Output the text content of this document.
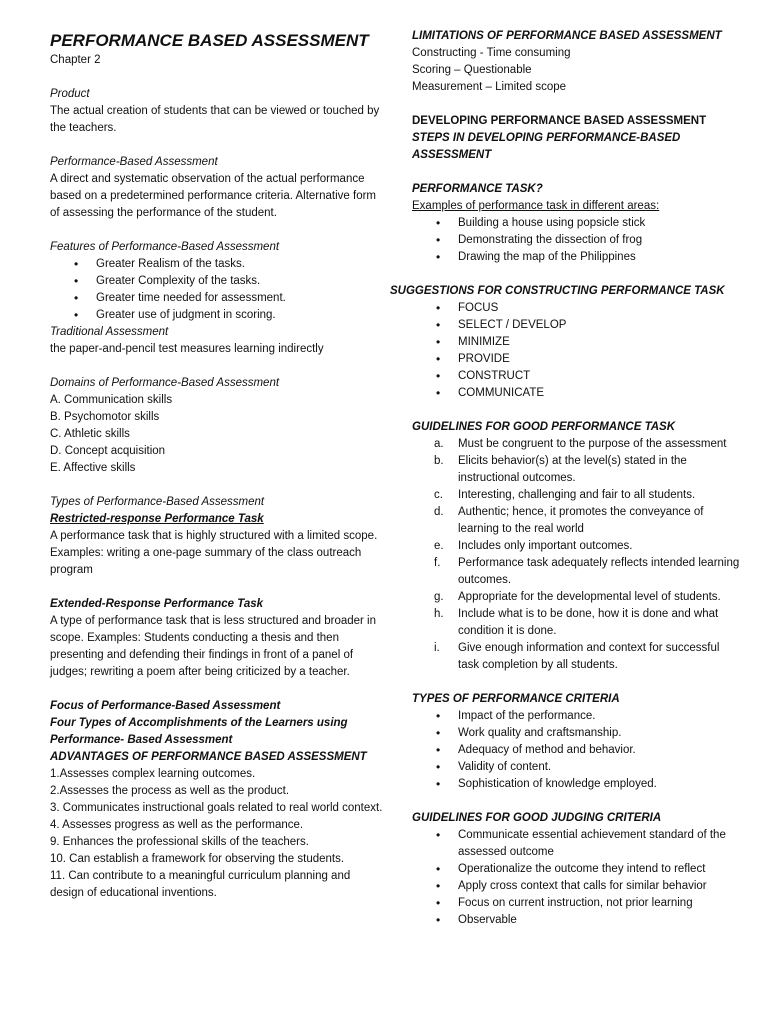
PERFORMANCE BASED ASSESSMENT

Chapter 2

Product

The actual creation of students that can be viewed or touched by the teachers.

Performance-Based Assessment

A direct and systematic observation of the actual performance based on a predetermined performance criteria. Alternative form of assessing the performance of the student.

Features of Performance-Based Assessment

• Greater Realism of the tasks.
• Greater Complexity of the tasks.
• Greater time needed for assessment.
• Greater use of judgment in scoring.

Traditional Assessment

the paper-and-pencil test measures learning indirectly

Domains of Performance-Based Assessment

A. Communication skills

B. Psychomotor skills

C. Athletic skills

D. Concept acquisition

E. Affective skills

Types of Performance-Based Assessment

Restricted-response Performance Task

A performance task that is highly structured with a limited scope.

Examples: writing a one-page summary of the class outreach program

Extended-Response Performance Task

A type of performance task that is less structured and broader in scope. Examples: Students conducting a thesis and then presenting and defending their findings in front of a panel of judges; rewriting a poem after being criticized by a teacher.

Focus of Performance-Based Assessment

Four Types of Accomplishments of the Learners using Performance- Based Assessment

ADVANTAGES OF PERFORMANCE BASED ASSESSMENT

1.Assesses complex learning outcomes.

2.Assesses the process as well as the product.

3. Communicates instructional goals related to real world context.

4. Assesses progress as well as the performance.

9. Enhances the professional skills of the teachers.

10. Can establish a framework for observing the students.

11. Can contribute to a meaningful curriculum planning and design of educational inventions.

LIMITATIONS OF PERFORMANCE BASED ASSESSMENT

Constructing - Time consuming

Scoring – Questionable

Measurement – Limited scope

DEVELOPING PERFORMANCE BASED ASSESSMENT

STEPS IN DEVELOPING PERFORMANCE-BASED ASSESSMENT

PERFORMANCE TASK?

Examples of performance task in different areas:

• Building a house using popsicle stick
• Demonstrating the dissection of frog
• Drawing the map of the Philippines

SUGGESTIONS FOR CONSTRUCTING PERFORMANCE TASK

• FOCUS
• SELECT / DEVELOP
• MINIMIZE
• PROVIDE
• CONSTRUCT
• COMMUNICATE

GUIDELINES FOR GOOD PERFORMANCE TASK

a. Must be congruent to the purpose of the assessment
b. Elicits behavior(s) at the level(s) stated in the instructional outcomes.
c. Interesting, challenging and fair to all students.
d. Authentic; hence, it promotes the conveyance of learning to the real world
e. Includes only important outcomes.
f. Performance task adequately reflects intended learning outcomes.
g. Appropriate for the developmental level of students.
h. Include what is to be done, how it is done and what condition it is done.
i. Give enough information and context for successful task completion by all students.

TYPES OF PERFORMANCE CRITERIA

• Impact of the performance.
• Work quality and craftsmanship.
• Adequacy of method and behavior.
• Validity of content.
• Sophistication of knowledge employed.

GUIDELINES FOR GOOD JUDGING CRITERIA

• Communicate essential achievement standard of the assessed outcome
• Operationalize the outcome they intend to reflect
• Apply cross context that calls for similar behavior
• Focus on current instruction, not prior learning
• Observable
